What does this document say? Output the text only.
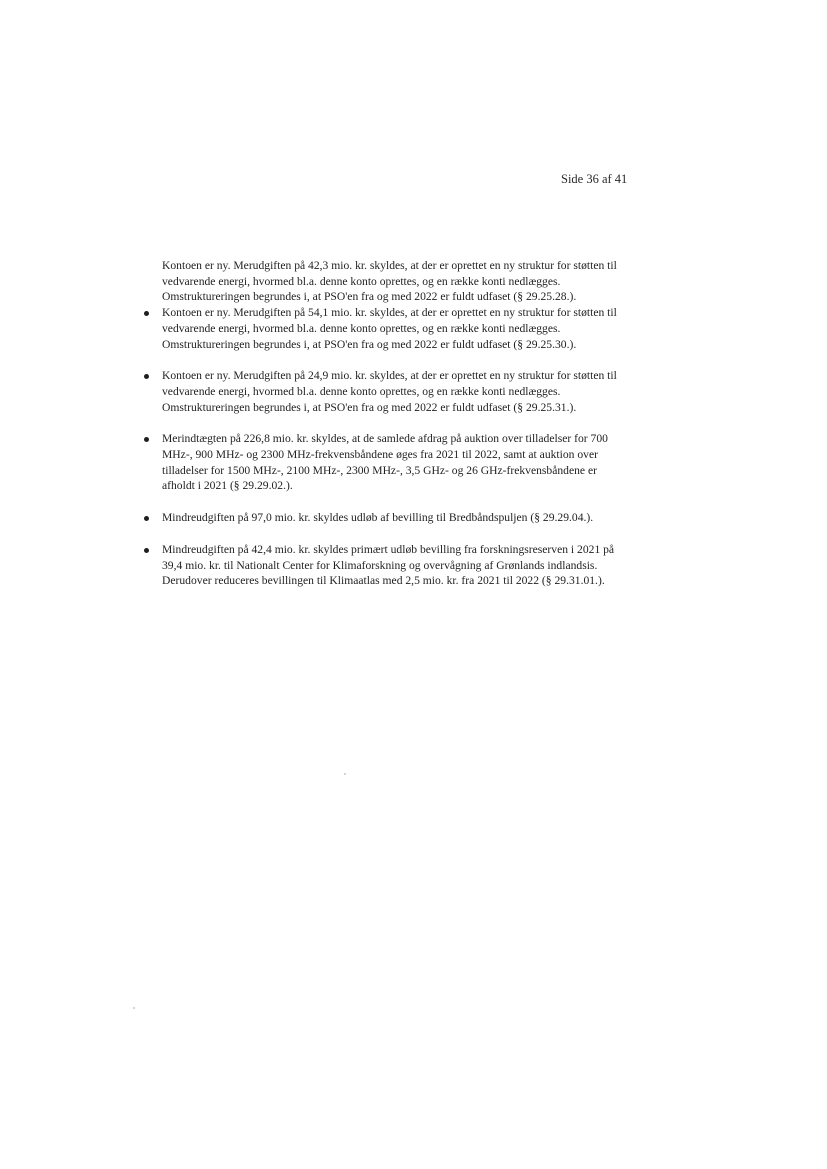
Side 36 af 41

Kontoen er ny. Merudgiften på 42,3 mio. kr. skyldes, at der er oprettet en ny struktur for støtten til vedvarende energi, hvormed bl.a. denne konto oprettes, og en række konti nedlægges. Omstruktureringen begrundes i, at PSO'en fra og med 2022 er fuldt udfaset (§ 29.25.28.).

Kontoen er ny. Merudgiften på 54,1 mio. kr. skyldes, at der er oprettet en ny struktur for støtten til vedvarende energi, hvormed bl.a. denne konto oprettes, og en række konti nedlægges. Omstruktureringen begrundes i, at PSO'en fra og med 2022 er fuldt udfaset (§ 29.25.30.).
Kontoen er ny. Merudgiften på 24,9 mio. kr. skyldes, at der er oprettet en ny struktur for støtten til vedvarende energi, hvormed bl.a. denne konto oprettes, og en række konti nedlægges. Omstruktureringen begrundes i, at PSO'en fra og med 2022 er fuldt udfaset (§ 29.25.31.).
Merindtægten på 226,8 mio. kr. skyldes, at de samlede afdrag på auktion over tilladelser for 700 MHz-, 900 MHz- og 2300 MHz-frekvensbåndene øges fra 2021 til 2022, samt at auktion over tilladelser for 1500 MHz-, 2100 MHz-, 2300 MHz-, 3,5 GHz- og 26 GHz-frekvensbåndene er afholdt i 2021 (§ 29.29.02.).
Mindreudgiften på 97,0 mio. kr. skyldes udløb af bevilling til Bredbåndspuljen (§ 29.29.04.).
Mindreudgiften på 42,4 mio. kr. skyldes primært udløb bevilling fra forskningsreserven i 2021 på 39,4 mio. kr. til Nationalt Center for Klimaforskning og overvågning af Grønlands indlandsis. Derudover reduceres bevillingen til Klimaatlas med 2,5 mio. kr. fra 2021 til 2022 (§ 29.31.01.).
